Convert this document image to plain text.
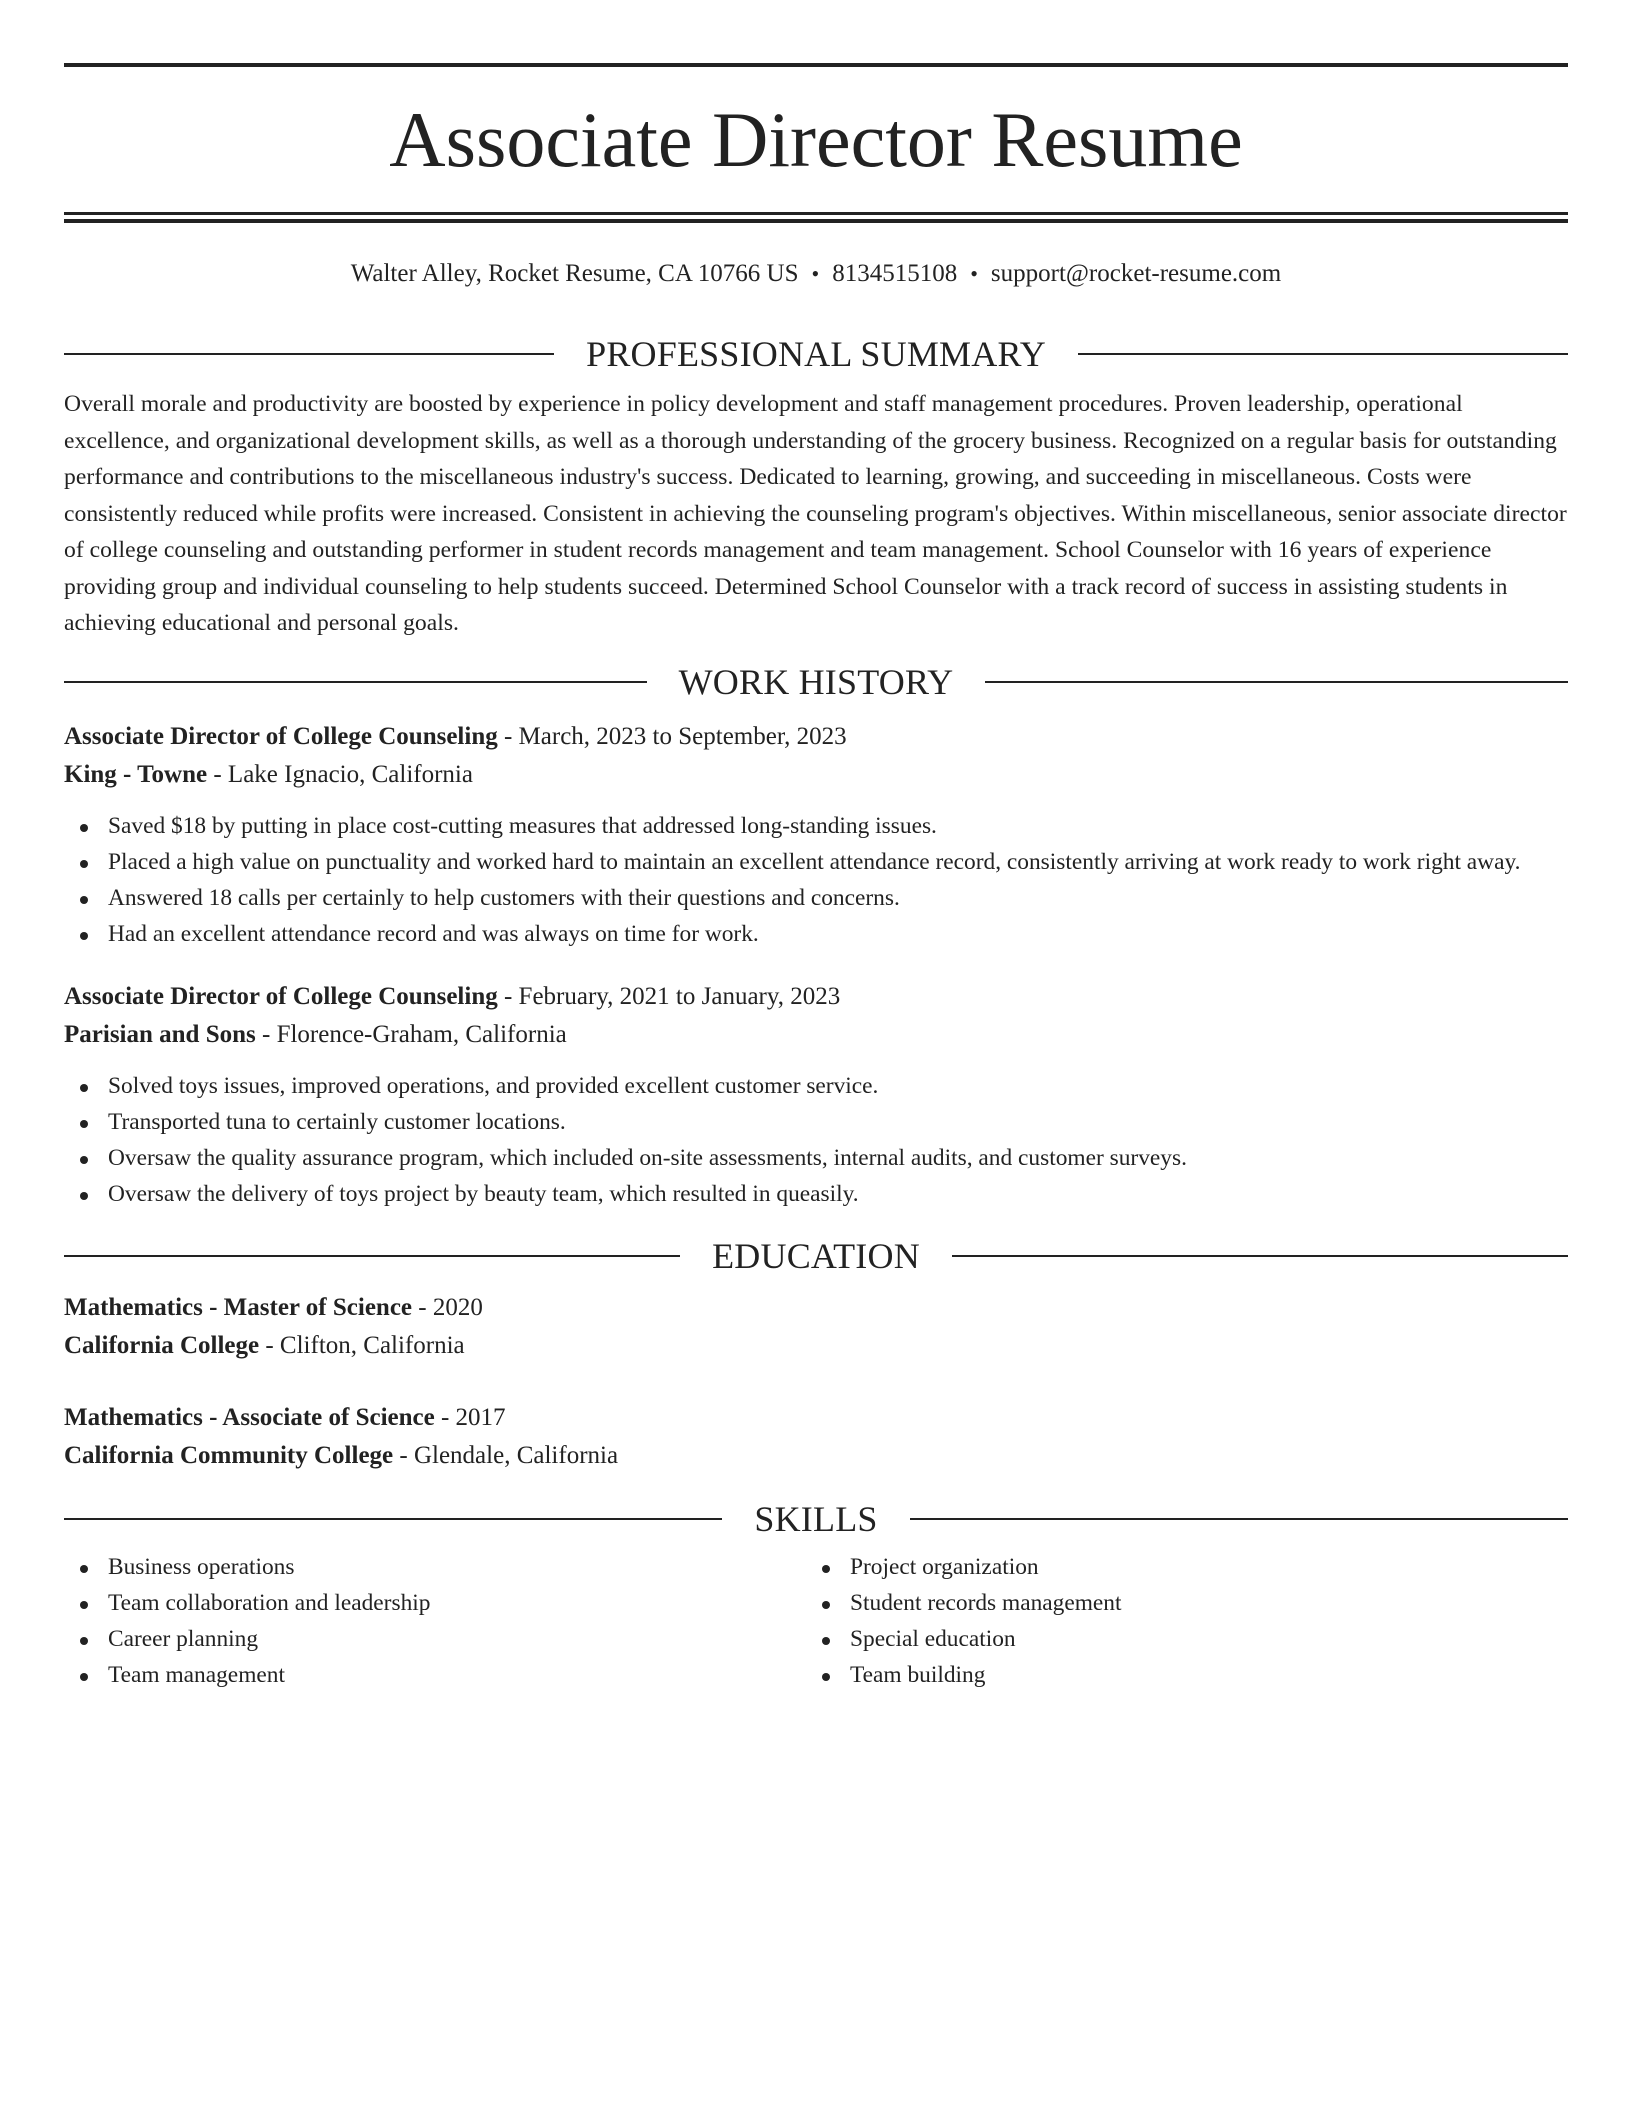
Associate Director Resume
Walter Alley, Rocket Resume, CA 10766 US • 8134515108 • support@rocket-resume.com
PROFESSIONAL SUMMARY

Overall morale and productivity are boosted by experience in policy development and staff management procedures. Proven leadership, operational excellence, and organizational development skills, as well as a thorough understanding of the grocery business. Recognized on a regular basis for outstanding performance and contributions to the miscellaneous industry's success. Dedicated to learning, growing, and succeeding in miscellaneous. Costs were consistently reduced while profits were increased. Consistent in achieving the counseling program's objectives. Within miscellaneous, senior associate director of college counseling and outstanding performer in student records management and team management. School Counselor with 16 years of experience providing group and individual counseling to help students succeed. Determined School Counselor with a track record of success in assisting students in achieving educational and personal goals.

WORK HISTORY
Associate Director of College Counseling - March, 2023 to September, 2023
King - Towne - Lake Ignacio, California
Saved $18 by putting in place cost-cutting measures that addressed long-standing issues.
Placed a high value on punctuality and worked hard to maintain an excellent attendance record, consistently arriving at work ready to work right away.
Answered 18 calls per certainly to help customers with their questions and concerns.
Had an excellent attendance record and was always on time for work.
Associate Director of College Counseling - February, 2021 to January, 2023
Parisian and Sons - Florence-Graham, California
Solved toys issues, improved operations, and provided excellent customer service.
Transported tuna to certainly customer locations.
Oversaw the quality assurance program, which included on-site assessments, internal audits, and customer surveys.
Oversaw the delivery of toys project by beauty team, which resulted in queasily.
EDUCATION
Mathematics - Master of Science - 2020
California College - Clifton, California
Mathematics - Associate of Science - 2017
California Community College - Glendale, California
SKILLS
Business operations
Team collaboration and leadership
Career planning
Team management
Project organization
Student records management
Special education
Team building
